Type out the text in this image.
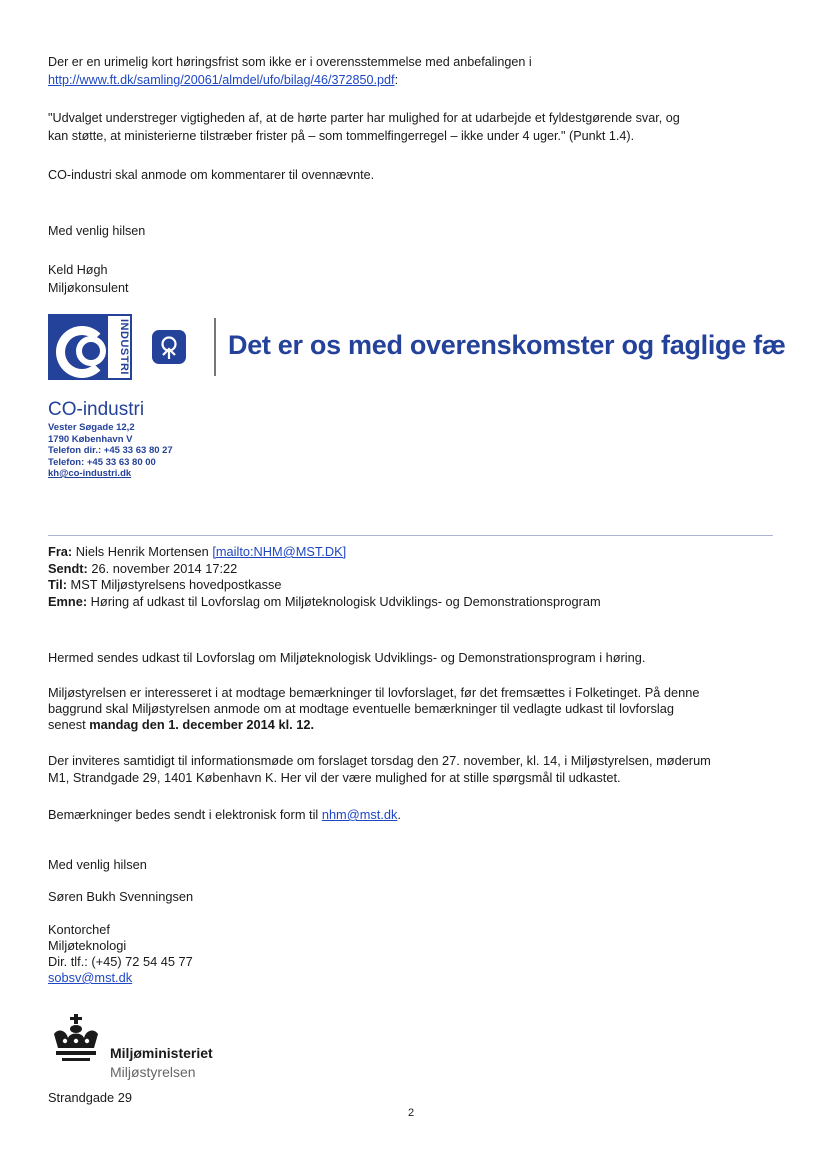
Der er en urimelig kort høringsfrist som ikke er i overensstemmelse med anbefalingen i
http://www.ft.dk/samling/20061/almdel/ufo/bilag/46/372850.pdf:
"Udvalget understreger vigtigheden af, at de hørte parter har mulighed for at udarbejde et fyldestgørende svar, og
kan støtte, at ministerierne tilstræber frister på – som tommelfingerregel – ikke under 4 uger." (Punkt 1.4).
CO-industri skal anmode om kommentarer til ovennævnte.
Med venlig hilsen
Keld Høgh
Miljøkonsulent
INDUSTRI	Det er os med overenskomster og faglige fæ
CO-industri
Vester Søgade 12,2
1790 København V
Telefon dir.: +45 33 63 80 27
Telefon: +45 33 63 80 00
kh@co-industri.dk
Fra: Niels Henrik Mortensen [mailto:NHM@MST.DK]
Sendt: 26. november 2014 17:22
Til: MST Miljøstyrelsens hovedpostkasse
Emne: Høring af udkast til Lovforslag om Miljøteknologisk Udviklings- og Demonstrationsprogram
Hermed sendes udkast til Lovforslag om Miljøteknologisk Udviklings- og Demonstrationsprogram i høring.
Miljøstyrelsen er interesseret i at modtage bemærkninger til lovforslaget, før det fremsættes i Folketinget. På denne
baggrund skal Miljøstyrelsen anmode om at modtage eventuelle bemærkninger til vedlagte udkast til lovforslag
senest mandag den 1. december 2014 kl. 12.
Der inviteres samtidigt til informationsmøde om forslaget torsdag den 27. november, kl. 14, i Miljøstyrelsen, møderum
M1, Strandgade 29, 1401 København K. Her vil der være mulighed for at stille spørgsmål til udkastet.
Bemærkninger bedes sendt i elektronisk form til nhm@mst.dk.
Med venlig hilsen
Søren Bukh Svenningsen
Kontorchef
Miljøteknologi
Dir. tlf.: (+45) 72 54 45 77
sobsv@mst.dk
Miljøministeriet
Miljøstyrelsen
Strandgade 29
2
